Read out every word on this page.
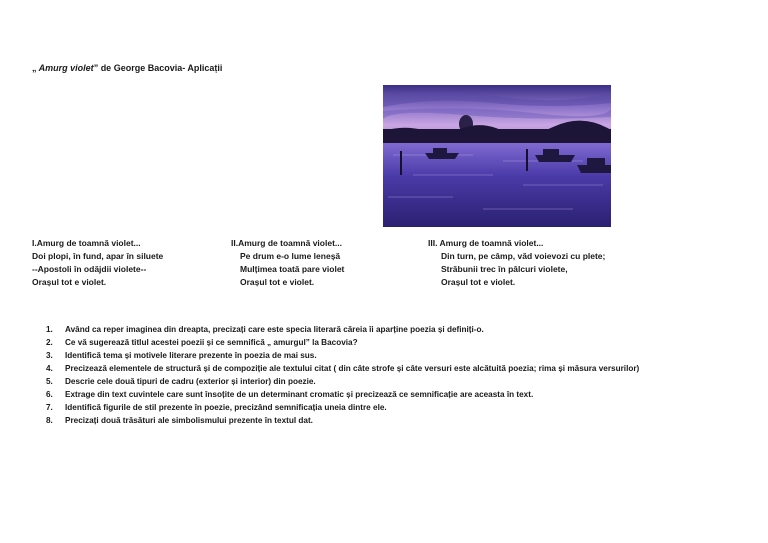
„ Amurg violet” de George Bacovia- Aplicații
I.Amurg de toamnă violet...
Doi plopi, în fund, apar în siluete
--Apostoli în odăjdii violete--
Orașul tot e violet.
II.Amurg de toamnă violet...
Pe drum e-o lume leneșă
Mulțimea toată pare violet
Orașul tot e violet.
III. Amurg de toamnă violet...
Din turn, pe câmp, văd voievozi cu plete;
Străbunii trec în pâlcuri violete,
Orașul tot e violet.
1.	Având ca reper imaginea din dreapta, precizați care este specia literară căreia îi aparține poezia și definiți-o.
2.	Ce vă sugerează titlul acestei poezii și ce semnifică „ amurgul” la Bacovia?
3.	Identifică tema și motivele literare prezente în poezia de mai sus.
4.	Precizează elementele de structură și de compoziție ale textului citat ( din câte strofe și câte versuri este alcătuită poezia; rima și măsura versurilor)
5.	Descrie cele două tipuri de cadru (exterior și interior) din poezie.
6.	Extrage din text cuvintele care sunt însoțite de un determinant cromatic și precizează ce semnificație are aceasta în text.
7.	Identifică figurile de stil prezente în poezie, precizând semnificația uneia dintre ele.
8.	Precizați două trăsături ale simbolismului prezente în textul dat.
